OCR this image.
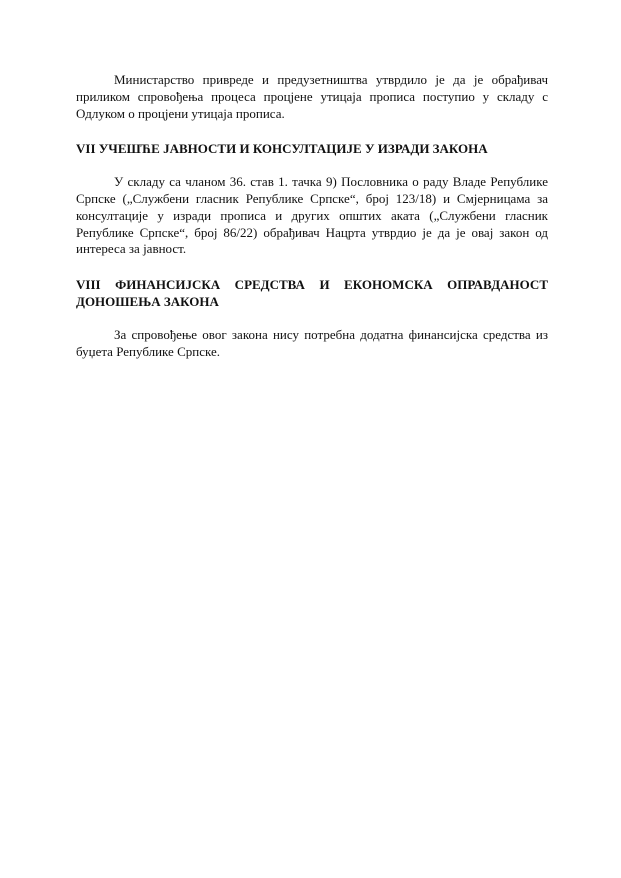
Министарство привреде и предузетништва утврдило је да је обрађивач приликом спровођења процеса процјене утицаја прописа поступио у складу с Одлуком о процјени утицаја прописа.

VII УЧЕШЋЕ ЈАВНОСТИ И КОНСУЛТАЦИЈЕ У ИЗРАДИ ЗАКОНА

У складу са чланом 36. став 1. тачка 9) Пословника о раду Владе Републике Српске („Службени гласник Републике Српске“, број 123/18) и Смјерницама за консултације у изради прописа и других општих аката („Службени гласник Републике Српске“, број 86/22) обрађивач Нацрта утврдио је да је овај закон од интереса за јавност.

VIII ФИНАНСИЈСКА СРЕДСТВА И ЕКОНОМСКА ОПРАВДАНОСТ
ДОНОШЕЊА ЗАКОНА

За спровођење овог закона нису потребна додатна финансијска средства из буџета Републике Српске.
